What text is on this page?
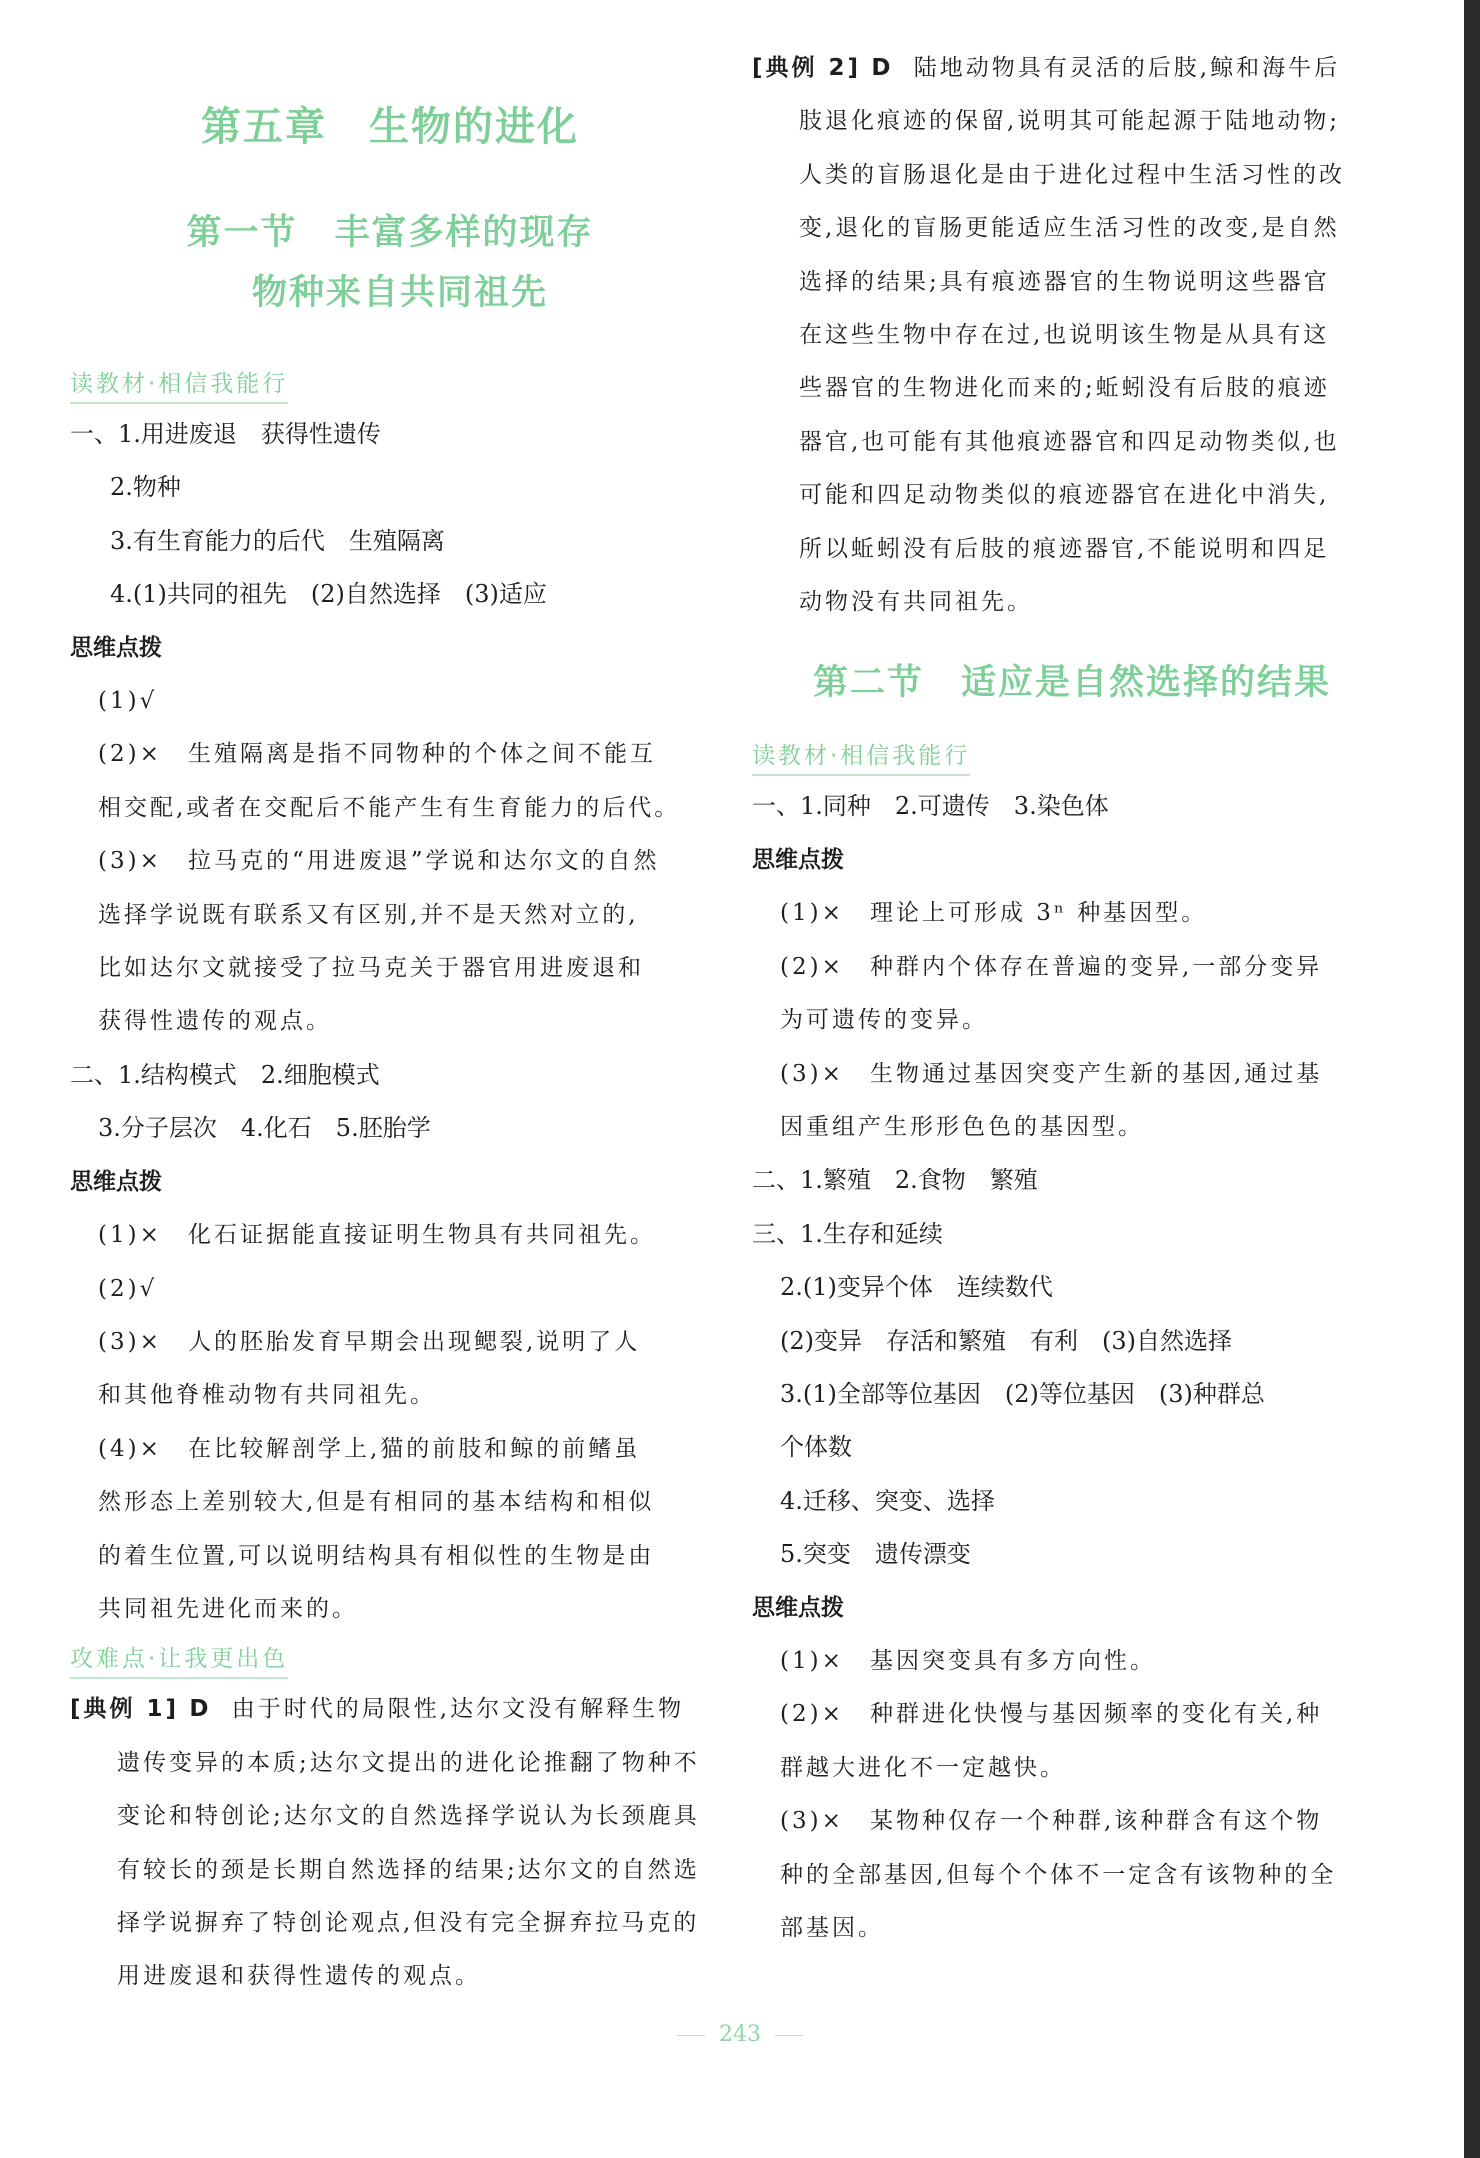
第五章　生物的进化
第一节　丰富多样的现存
物种来自共同祖先
读教材·相信我能行
一、1.用进废退　获得性遗传
2.物种
3.有生育能力的后代　生殖隔离
4.(1)共同的祖先　(2)自然选择　(3)适应
思维点拨
(1)√
(2)× 生殖隔离是指不同物种的个体之间不能互
相交配,或者在交配后不能产生有生育能力的后代。
(3)× 拉马克的“用进废退”学说和达尔文的自然
选择学说既有联系又有区别,并不是天然对立的,
比如达尔文就接受了拉马克关于器官用进废退和
获得性遗传的观点。
二、1.结构模式　2.细胞模式
3.分子层次　4.化石　5.胚胎学
思维点拨
(1)× 化石证据能直接证明生物具有共同祖先。
(2)√
(3)× 人的胚胎发育早期会出现鳃裂,说明了人
和其他脊椎动物有共同祖先。
(4)× 在比较解剖学上,猫的前肢和鲸的前鳍虽
然形态上差别较大,但是有相同的基本结构和相似
的着生位置,可以说明结构具有相似性的生物是由
共同祖先进化而来的。
攻难点·让我更出色
[典例 1] D 由于时代的局限性,达尔文没有解释生物
遗传变异的本质;达尔文提出的进化论推翻了物种不
变论和特创论;达尔文的自然选择学说认为长颈鹿具
有较长的颈是长期自然选择的结果;达尔文的自然选
择学说摒弃了特创论观点,但没有完全摒弃拉马克的
用进废退和获得性遗传的观点。
[典例 2] D 陆地动物具有灵活的后肢,鲸和海牛后
肢退化痕迹的保留,说明其可能起源于陆地动物;
人类的盲肠退化是由于进化过程中生活习性的改
变,退化的盲肠更能适应生活习性的改变,是自然
选择的结果;具有痕迹器官的生物说明这些器官
在这些生物中存在过,也说明该生物是从具有这
些器官的生物进化而来的;蚯蚓没有后肢的痕迹
器官,也可能有其他痕迹器官和四足动物类似,也
可能和四足动物类似的痕迹器官在进化中消失,
所以蚯蚓没有后肢的痕迹器官,不能说明和四足
动物没有共同祖先。
第二节　适应是自然选择的结果
读教材·相信我能行
一、1.同种　2.可遗传　3.染色体
思维点拨
(1)× 理论上可形成 3ⁿ 种基因型。
(2)× 种群内个体存在普遍的变异,一部分变异
为可遗传的变异。
(3)× 生物通过基因突变产生新的基因,通过基
因重组产生形形色色的基因型。
二、1.繁殖　2.食物　繁殖
三、1.生存和延续
2.(1)变异个体　连续数代
(2)变异　存活和繁殖　有利　(3)自然选择
3.(1)全部等位基因　(2)等位基因　(3)种群总
个体数
4.迁移、突变、选择
5.突变　遗传漂变
思维点拨
(1)× 基因突变具有多方向性。
(2)× 种群进化快慢与基因频率的变化有关,种
群越大进化不一定越快。
(3)× 某物种仅存一个种群,该种群含有这个物
种的全部基因,但每个个体不一定含有该物种的全
部基因。
243
